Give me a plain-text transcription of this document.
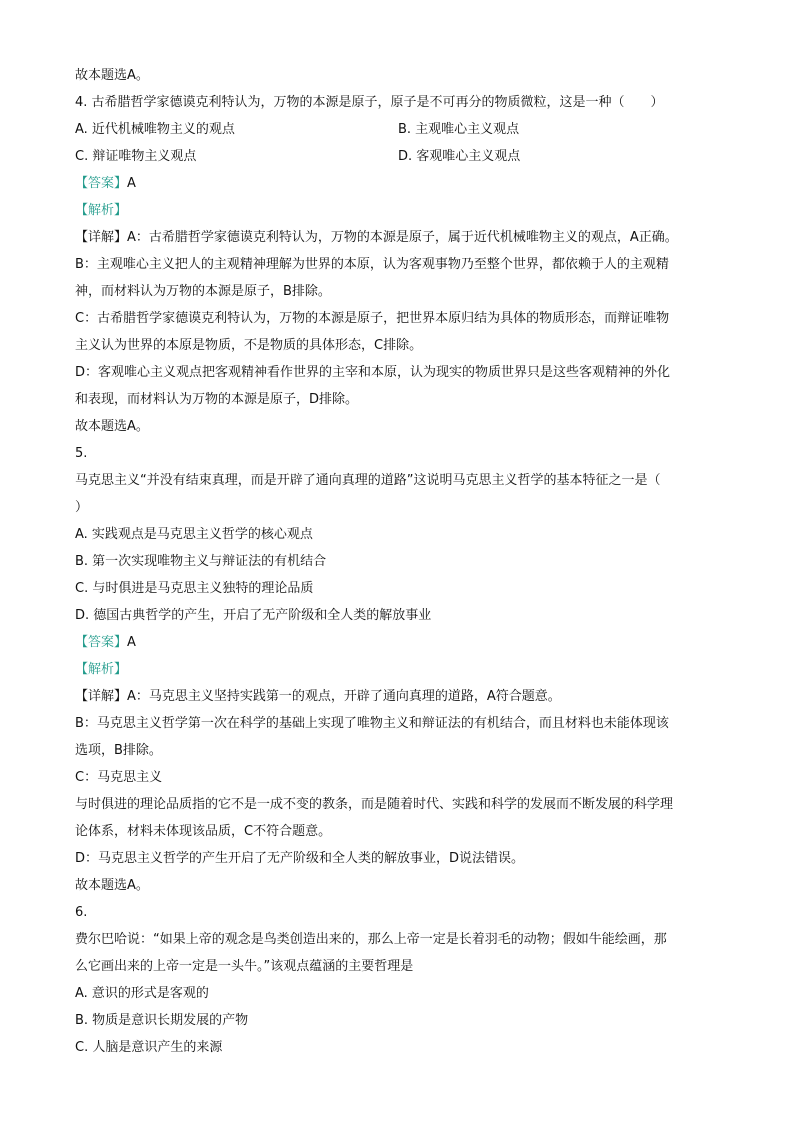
故本题选A。
4. 古希腊哲学家德谟克利特认为，万物的本源是原子，原子是不可再分的物质微粒，这是一种（　　）
A. 近代机械唯物主义的观点	B. 主观唯心主义观点
C. 辩证唯物主义观点	D. 客观唯心主义观点
【答案】A
【解析】
【详解】A：古希腊哲学家德谟克利特认为，万物的本源是原子，属于近代机械唯物主义的观点，A正确。
B：主观唯心主义把人的主观精神理解为世界的本原，认为客观事物乃至整个世界，都依赖于人的主观精
神，而材料认为万物的本源是原子，B排除。
C：古希腊哲学家德谟克利特认为，万物的本源是原子，把世界本原归结为具体的物质形态，而辩证唯物
主义认为世界的本原是物质，不是物质的具体形态，C排除。
D：客观唯心主义观点把客观精神看作世界的主宰和本原，认为现实的物质世界只是这些客观精神的外化
和表现，而材料认为万物的本源是原子，D排除。
故本题选A。
5.
马克思主义“并没有结束真理，而是开辟了通向真理的道路”这说明马克思主义哲学的基本特征之一是（
）
A. 实践观点是马克思主义哲学的核心观点
B. 第一次实现唯物主义与辩证法的有机结合
C. 与时俱进是马克思主义独特的理论品质
D. 德国古典哲学的产生，开启了无产阶级和全人类的解放事业
【答案】A
【解析】
【详解】A：马克思主义坚持实践第一的观点，开辟了通向真理的道路，A符合题意。
B：马克思主义哲学第一次在科学的基础上实现了唯物主义和辩证法的有机结合，而且材料也未能体现该
选项，B排除。
C：马克思主义
与时俱进的理论品质指的它不是一成不变的教条，而是随着时代、实践和科学的发展而不断发展的科学理
论体系，材料未体现该品质，C不符合题意。
D：马克思主义哲学的产生开启了无产阶级和全人类的解放事业，D说法错误。
故本题选A。
6.
费尔巴哈说：“如果上帝的观念是鸟类创造出来的，那么上帝一定是长着羽毛的动物；假如牛能绘画，那
么它画出来的上帝一定是一头牛。”该观点蕴涵的主要哲理是
A. 意识的形式是客观的
B. 物质是意识长期发展的产物
C. 人脑是意识产生的来源
